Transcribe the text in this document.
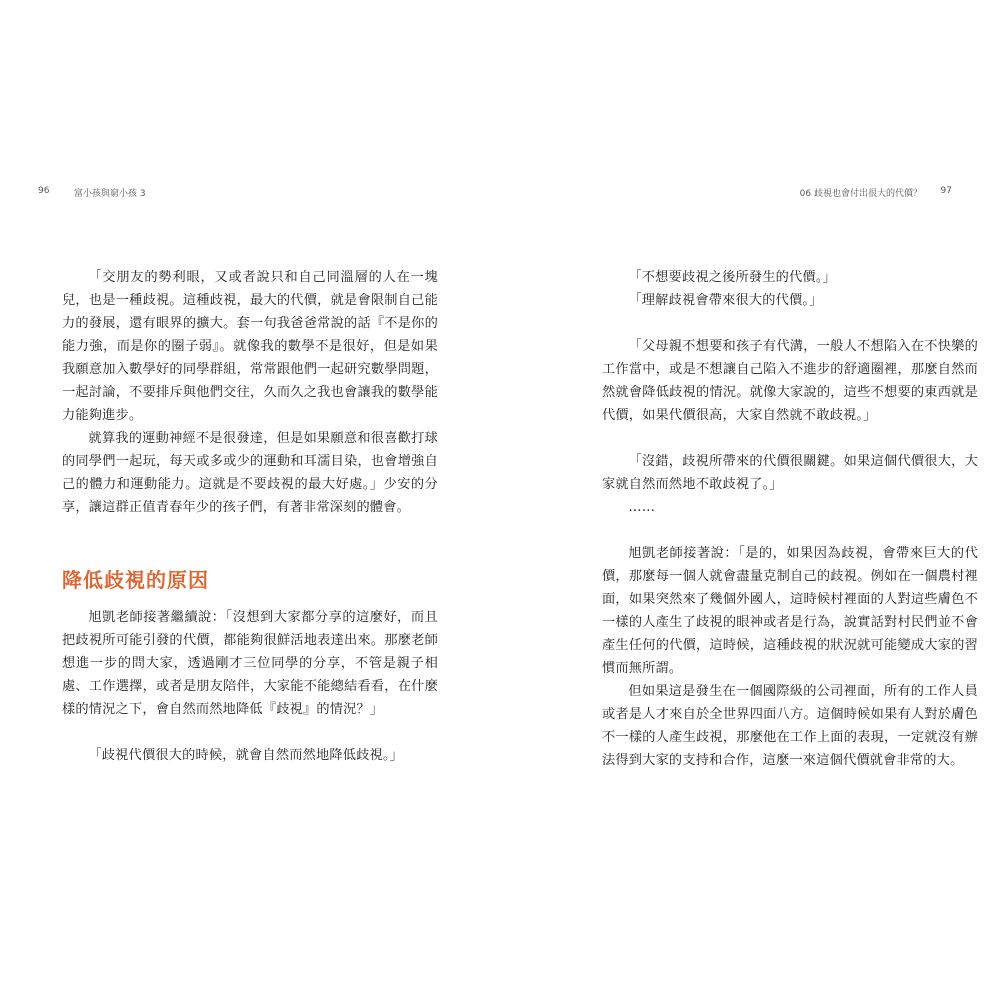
96	富小孩與窮小孩 3

「交朋友的勢利眼，又或者說只和自己同溫層的人在一塊兒，也是一種歧視。這種歧視，最大的代價，就是會限制自己能力的發展，還有眼界的擴大。套一句我爸爸常說的話『不是你的能力強，而是你的圈子弱』。就像我的數學不是很好，但是如果我願意加入數學好的同學群組，常常跟他們一起研究數學問題，一起討論，不要排斥與他們交往，久而久之我也會讓我的數學能力能夠進步。

就算我的運動神經不是很發達，但是如果願意和很喜歡打球的同學們一起玩，每天或多或少的運動和耳濡目染，也會增強自己的體力和運動能力。這就是不要歧視的最大好處。」少安的分享，讓這群正值青春年少的孩子們，有著非常深刻的體會。

降低歧視的原因

旭凱老師接著繼續說：「沒想到大家都分享的這麼好，而且把歧視所可能引發的代價，都能夠很鮮活地表達出來。那麼老師想進一步的問大家，透過剛才三位同學的分享，不管是親子相處、工作選擇，或者是朋友陪伴，大家能不能總結看看，在什麼樣的情況之下，會自然而然地降低『歧視』的情況？」

「歧視代價很大的時候，就會自然而然地降低歧視。」

06 歧視也會付出很大的代價？ 97

「不想要歧視之後所發生的代價。」

「理解歧視會帶來很大的代價。」

「父母親不想要和孩子有代溝，一般人不想陷入在不快樂的工作當中，或是不想讓自己陷入不進步的舒適圈裡，那麼自然而然就會降低歧視的情況。就像大家說的，這些不想要的東西就是代價，如果代價很高，大家自然就不敢歧視。」

「沒錯，歧視所帶來的代價很關鍵。如果這個代價很大，大家就自然而然地不敢歧視了。」

……

旭凱老師接著說：「是的，如果因為歧視，會帶來巨大的代價，那麼每一個人就會盡量克制自己的歧視。例如在一個農村裡面，如果突然來了幾個外國人，這時候村裡面的人對這些膚色不一樣的人產生了歧視的眼神或者是行為，說實話對村民們並不會產生任何的代價，這時候，這種歧視的狀況就可能變成大家的習慣而無所謂。

但如果這是發生在一個國際級的公司裡面，所有的工作人員或者是人才來自於全世界四面八方。這個時候如果有人對於膚色不一樣的人產生歧視，那麼他在工作上面的表現，一定就沒有辦法得到大家的支持和合作，這麼一來這個代價就會非常的大。
